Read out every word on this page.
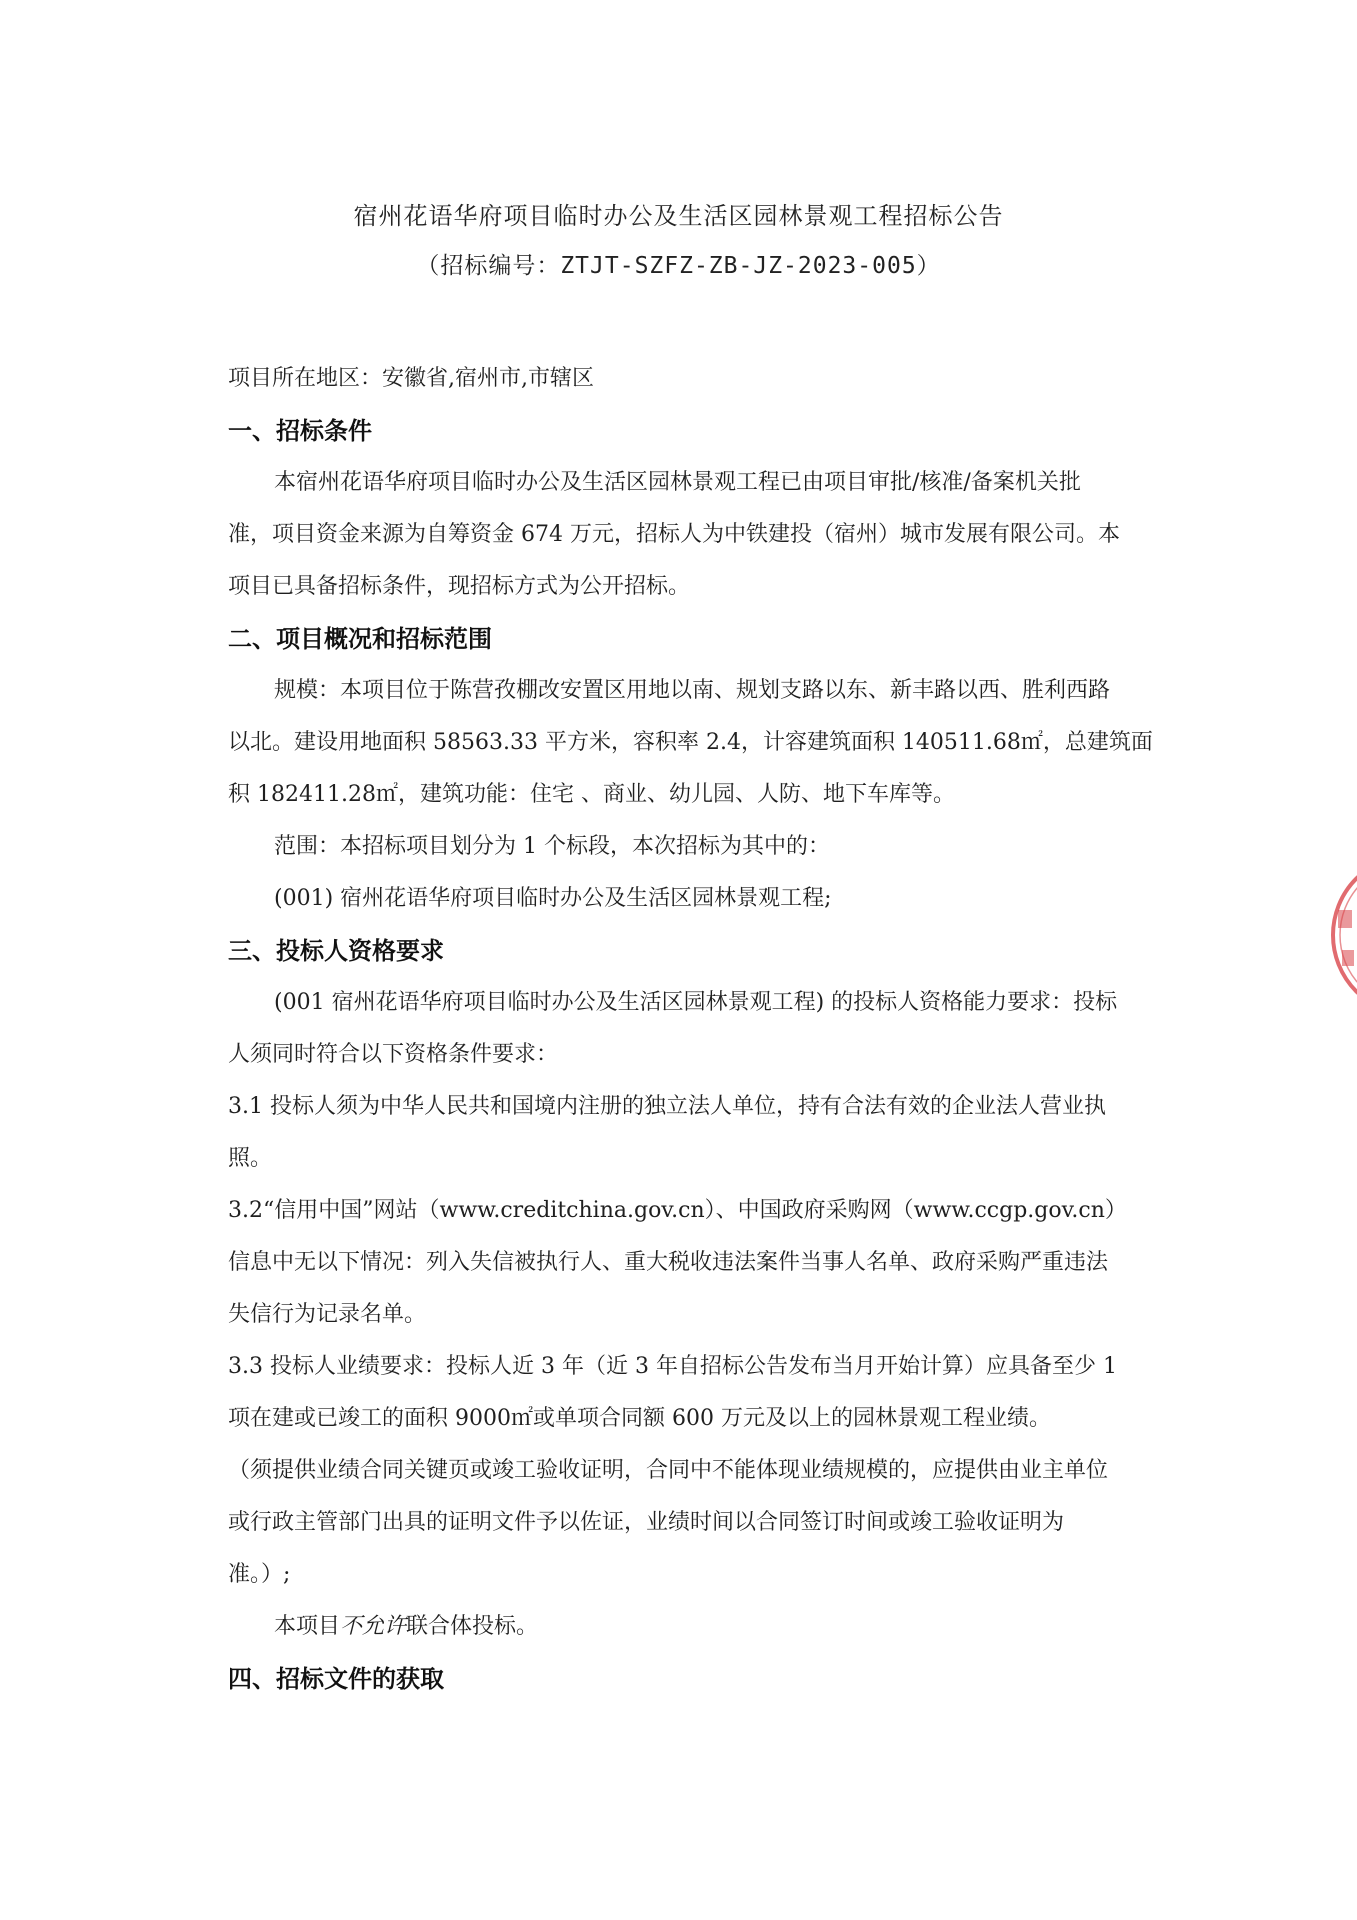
宿州花语华府项目临时办公及生活区园林景观工程招标公告
（招标编号：ZTJT-SZFZ-ZB-JZ-2023-005）
项目所在地区：安徽省,宿州市,市辖区
一、招标条件
本宿州花语华府项目临时办公及生活区园林景观工程已由项目审批/核准/备案机关批
准，项目资金来源为自筹资金 674 万元，招标人为中铁建投（宿州）城市发展有限公司。本
项目已具备招标条件，现招标方式为公开招标。
二、项目概况和招标范围
规模：本项目位于陈营孜棚改安置区用地以南、规划支路以东、新丰路以西、胜利西路
以北。建设用地面积 58563.33 平方米，容积率 2.4，计容建筑面积 140511.68㎡，总建筑面
积 182411.28㎡，建筑功能：住宅 、商业、幼儿园、人防、地下车库等。
范围：本招标项目划分为 1 个标段，本次招标为其中的：
(001) 宿州花语华府项目临时办公及生活区园林景观工程;
三、投标人资格要求
(001 宿州花语华府项目临时办公及生活区园林景观工程) 的投标人资格能力要求：投标
人须同时符合以下资格条件要求：
3.1 投标人须为中华人民共和国境内注册的独立法人单位，持有合法有效的企业法人营业执
照。
3.2“信用中国”网站（www.creditchina.gov.cn）、中国政府采购网（www.ccgp.gov.cn）
信息中无以下情况：列入失信被执行人、重大税收违法案件当事人名单、政府采购严重违法
失信行为记录名单。
3.3 投标人业绩要求：投标人近 3 年（近 3 年自招标公告发布当月开始计算）应具备至少 1
项在建或已竣工的面积 9000㎡或单项合同额 600 万元及以上的园林景观工程业绩。
（须提供业绩合同关键页或竣工验收证明，合同中不能体现业绩规模的，应提供由业主单位
或行政主管部门出具的证明文件予以佐证，业绩时间以合同签订时间或竣工验收证明为
准。）;
本项目不允许联合体投标。
四、招标文件的获取
